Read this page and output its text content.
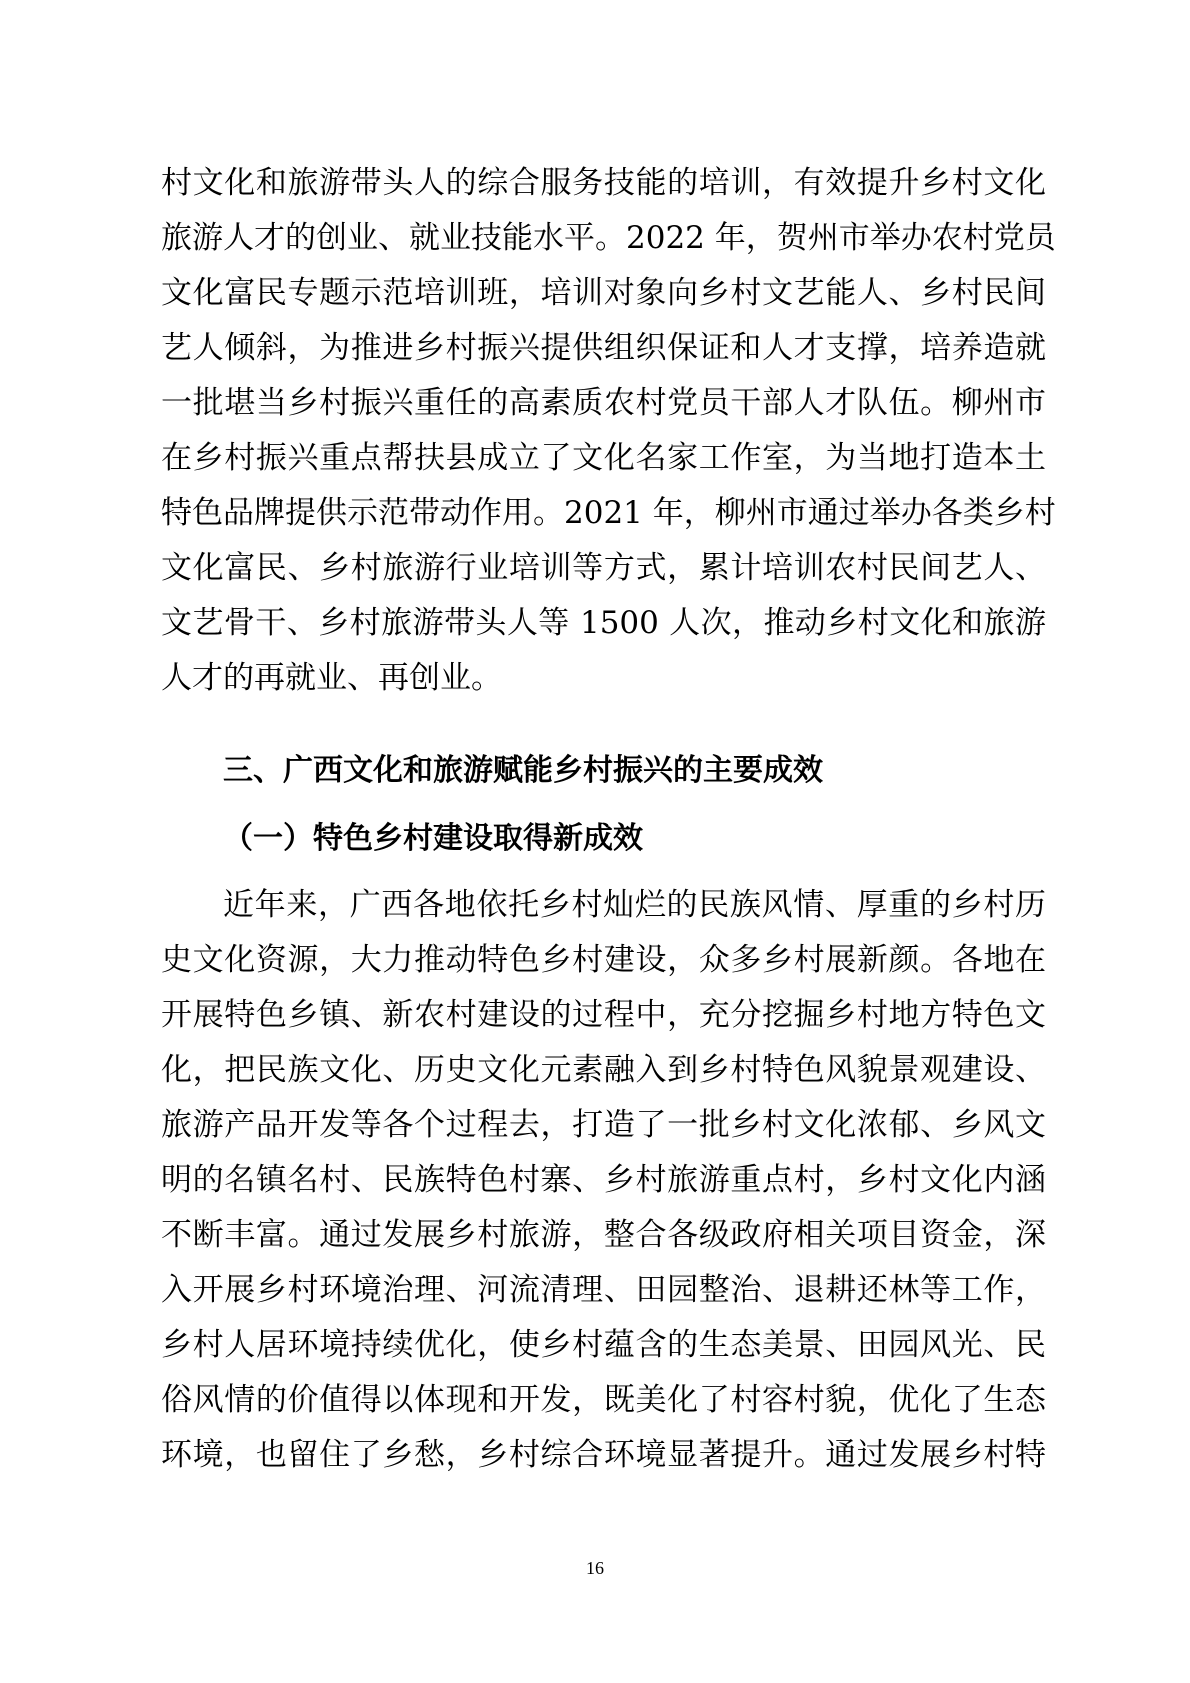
村文化和旅游带头人的综合服务技能的培训，有效提升乡村文化
旅游人才的创业、就业技能水平。2022 年，贺州市举办农村党员
文化富民专题示范培训班，培训对象向乡村文艺能人、乡村民间
艺人倾斜，为推进乡村振兴提供组织保证和人才支撑，培养造就
一批堪当乡村振兴重任的高素质农村党员干部人才队伍。柳州市
在乡村振兴重点帮扶县成立了文化名家工作室，为当地打造本土
特色品牌提供示范带动作用。2021 年，柳州市通过举办各类乡村
文化富民、乡村旅游行业培训等方式，累计培训农村民间艺人、
文艺骨干、乡村旅游带头人等 1500 人次，推动乡村文化和旅游
人才的再就业、再创业。
三、广西文化和旅游赋能乡村振兴的主要成效
（一）特色乡村建设取得新成效
近年来，广西各地依托乡村灿烂的民族风情、厚重的乡村历
史文化资源，大力推动特色乡村建设，众多乡村展新颜。各地在
开展特色乡镇、新农村建设的过程中，充分挖掘乡村地方特色文
化，把民族文化、历史文化元素融入到乡村特色风貌景观建设、
旅游产品开发等各个过程去，打造了一批乡村文化浓郁、乡风文
明的名镇名村、民族特色村寨、乡村旅游重点村，乡村文化内涵
不断丰富。通过发展乡村旅游，整合各级政府相关项目资金，深
入开展乡村环境治理、河流清理、田园整治、退耕还林等工作，
乡村人居环境持续优化，使乡村蕴含的生态美景、田园风光、民
俗风情的价值得以体现和开发，既美化了村容村貌，优化了生态
环境，也留住了乡愁，乡村综合环境显著提升。通过发展乡村特
16
